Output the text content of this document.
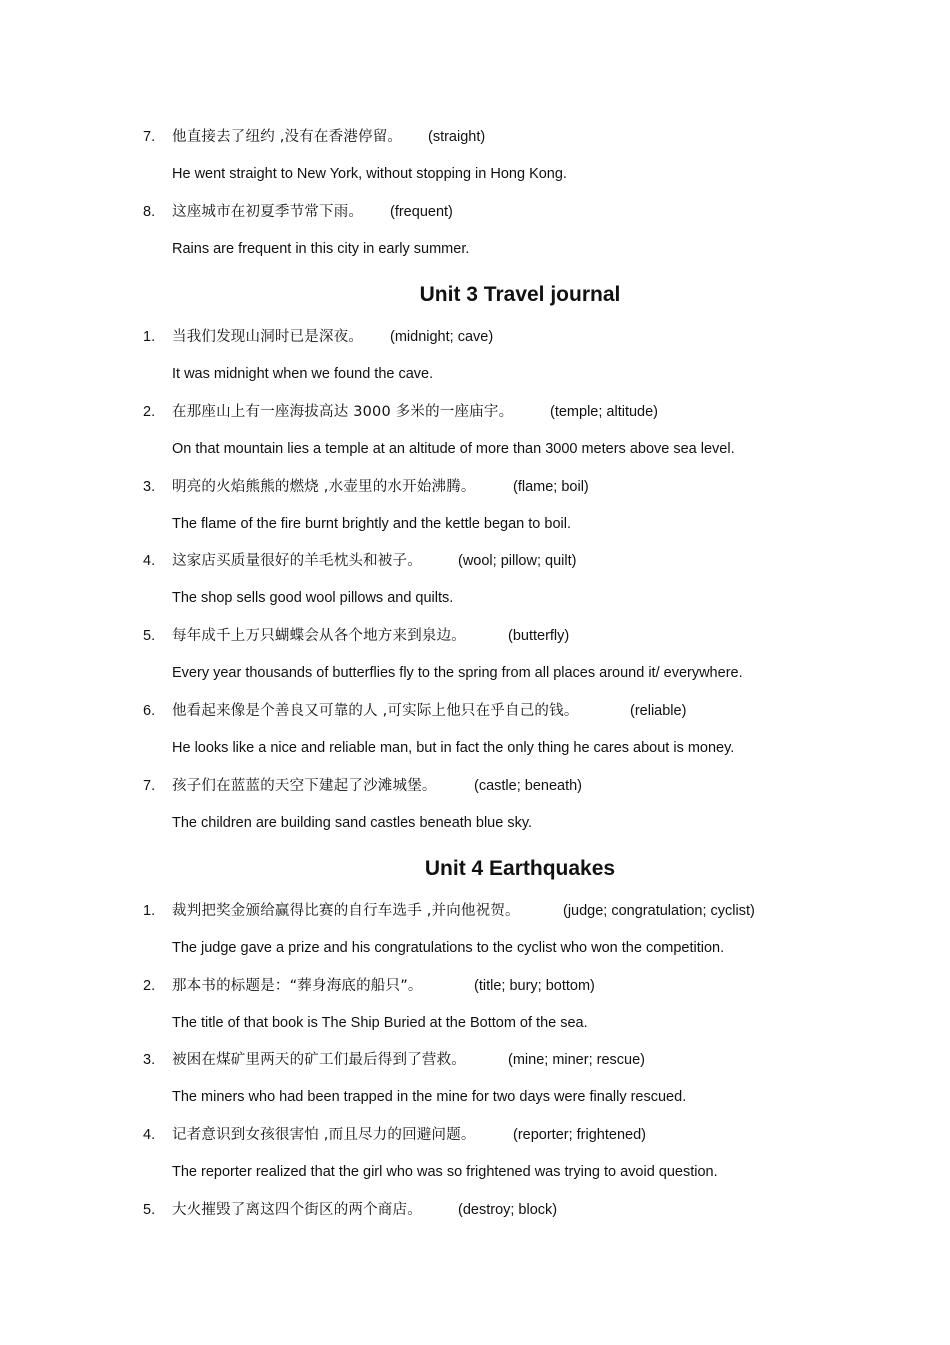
7. 他直接去了纽约 ,没有在香港停留。 (straight)
He went straight to New York, without stopping in Hong Kong.
8. 这座城市在初夏季节常下雨。 (frequent)
Rains are frequent in this city in early summer.
Unit 3 Travel journal
1. 当我们发现山洞时已是深夜。 (midnight; cave)
It was midnight when we found the cave.
2. 在那座山上有一座海拔高达 3000 多米的一座庙宇。	(temple; altitude)
On that mountain lies a temple at an altitude of more than 3000 meters above sea level.
3. 明亮的火焰熊熊的燃烧 ,水壶里的水开始沸腾。	(flame; boil)
The flame of the fire burnt brightly and the kettle began to boil.
4. 这家店买质量很好的羊毛枕头和被子。 (wool; pillow; quilt)
The shop sells good wool pillows and quilts.
5. 每年成千上万只蝴蝶会从各个地方来到泉边。	(butterfly)
Every year thousands of butterflies fly to the spring from all places around it/ everywhere.
6. 他看起来像是个善良又可靠的人 ,可实际上他只在乎自己的钱。	(reliable)
He looks like a nice and reliable man, but in fact the only thing he cares about is money.
7. 孩子们在蓝蓝的天空下建起了沙滩城堡。	(castle; beneath)
The children are building sand castles beneath blue sky.
Unit 4 Earthquakes
1. 裁判把奖金颁给赢得比赛的自行车选手 ,并向他祝贺。	(judge; congratulation; cyclist)
The judge gave a prize and his congratulations to the cyclist who won the competition.
2. 那本书的标题是：“葬身海底的船只”。	(title; bury; bottom)
The title of that book is The Ship Buried at the Bottom of the sea.
3. 被困在煤矿里两天的矿工们最后得到了营救。	(mine; miner; rescue)
The miners who had been trapped in the mine for two days were finally rescued.
4. 记者意识到女孩很害怕 ,而且尽力的回避问题。	(reporter; frightened)
The reporter realized that the girl who was so frightened was trying to avoid question.
5. 大火摧毁了离这四个街区的两个商店。 (destroy; block)
